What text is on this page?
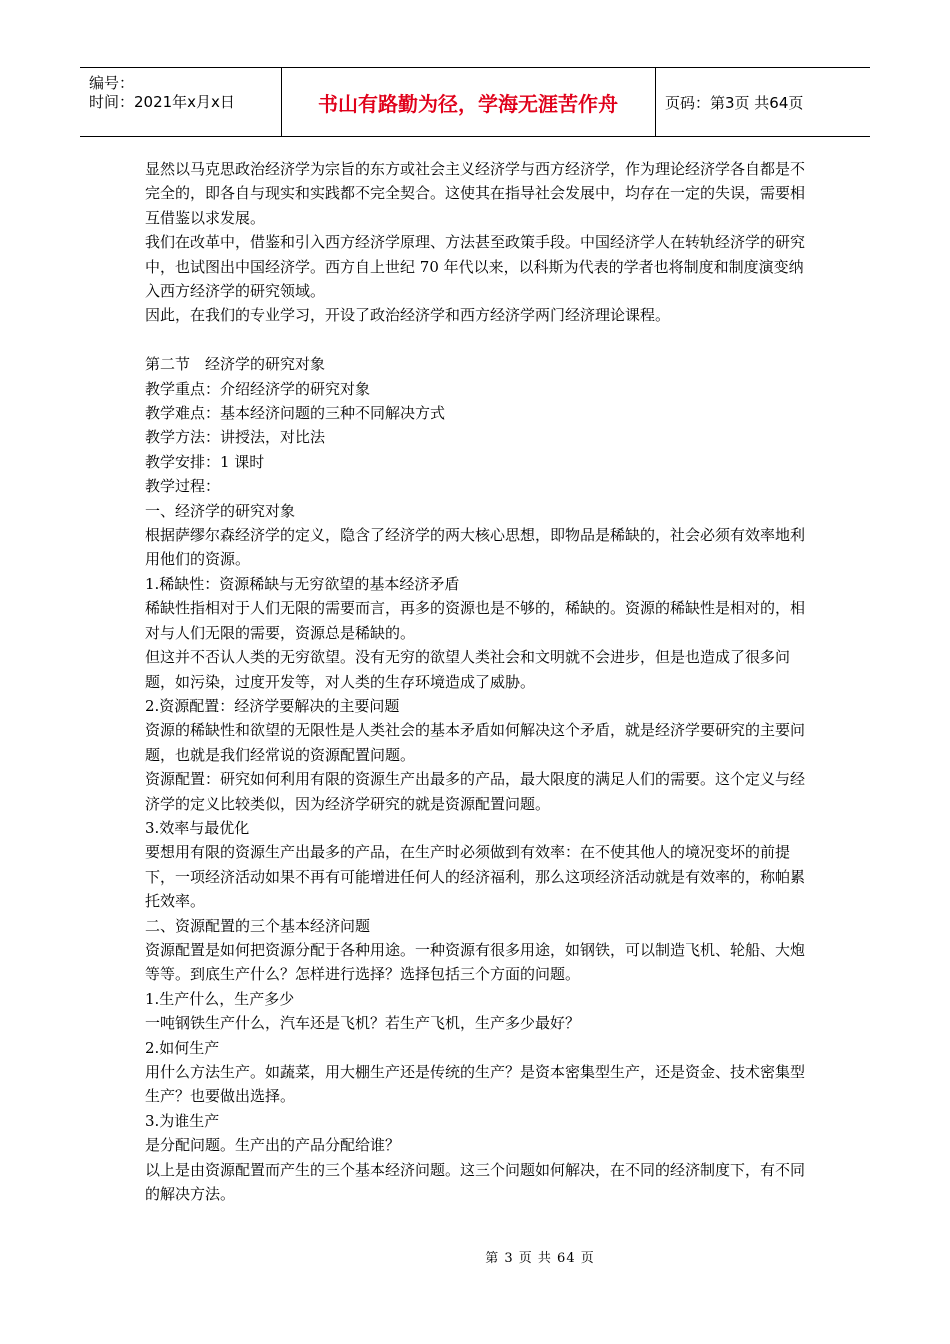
编号：
时间：2021年x月x日	书山有路勤为径，学海无涯苦作舟	页码：第3页 共64页

显然以马克思政治经济学为宗旨的东方或社会主义经济学与西方经济学，作为理论经济学各自都是不完全的，即各自与现实和实践都不完全契合。这使其在指导社会发展中，均存在一定的失误，需要相互借鉴以求发展。

我们在改革中，借鉴和引入西方经济学原理、方法甚至政策手段。中国经济学人在转轨经济学的研究中，也试图出中国经济学。西方自上世纪 70 年代以来，以科斯为代表的学者也将制度和制度演变纳入西方经济学的研究领域。

因此，在我们的专业学习，开设了政治经济学和西方经济学两门经济理论课程。

第二节　经济学的研究对象

教学重点：介绍经济学的研究对象

教学难点：基本经济问题的三种不同解决方式

教学方法：讲授法，对比法

教学安排：1 课时

教学过程：

一、经济学的研究对象

根据萨缪尔森经济学的定义，隐含了经济学的两大核心思想，即物品是稀缺的，社会必须有效率地利用他们的资源。

1.稀缺性：资源稀缺与无穷欲望的基本经济矛盾

稀缺性指相对于人们无限的需要而言，再多的资源也是不够的，稀缺的。资源的稀缺性是相对的，相对与人们无限的需要，资源总是稀缺的。

但这并不否认人类的无穷欲望。没有无穷的欲望人类社会和文明就不会进步，但是也造成了很多问题，如污染，过度开发等，对人类的生存环境造成了威胁。

2.资源配置：经济学要解决的主要问题

资源的稀缺性和欲望的无限性是人类社会的基本矛盾如何解决这个矛盾，就是经济学要研究的主要问题，也就是我们经常说的资源配置问题。

资源配置：研究如何利用有限的资源生产出最多的产品，最大限度的满足人们的需要。这个定义与经济学的定义比较类似，因为经济学研究的就是资源配置问题。

3.效率与最优化

要想用有限的资源生产出最多的产品，在生产时必须做到有效率：在不使其他人的境况变坏的前提下，一项经济活动如果不再有可能增进任何人的经济福利，那么这项经济活动就是有效率的，称帕累托效率。

二、资源配置的三个基本经济问题

资源配置是如何把资源分配于各种用途。一种资源有很多用途，如钢铁，可以制造飞机、轮船、大炮等等。到底生产什么？怎样进行选择？选择包括三个方面的问题。

1.生产什么，生产多少

一吨钢铁生产什么，汽车还是飞机？若生产飞机，生产多少最好？

2.如何生产

用什么方法生产。如蔬菜，用大棚生产还是传统的生产？是资本密集型生产，还是资金、技术密集型生产？也要做出选择。

3.为谁生产

是分配问题。生产出的产品分配给谁？

以上是由资源配置而产生的三个基本经济问题。这三个问题如何解决，在不同的经济制度下，有不同的解决方法。

第 3 页 共 64 页
